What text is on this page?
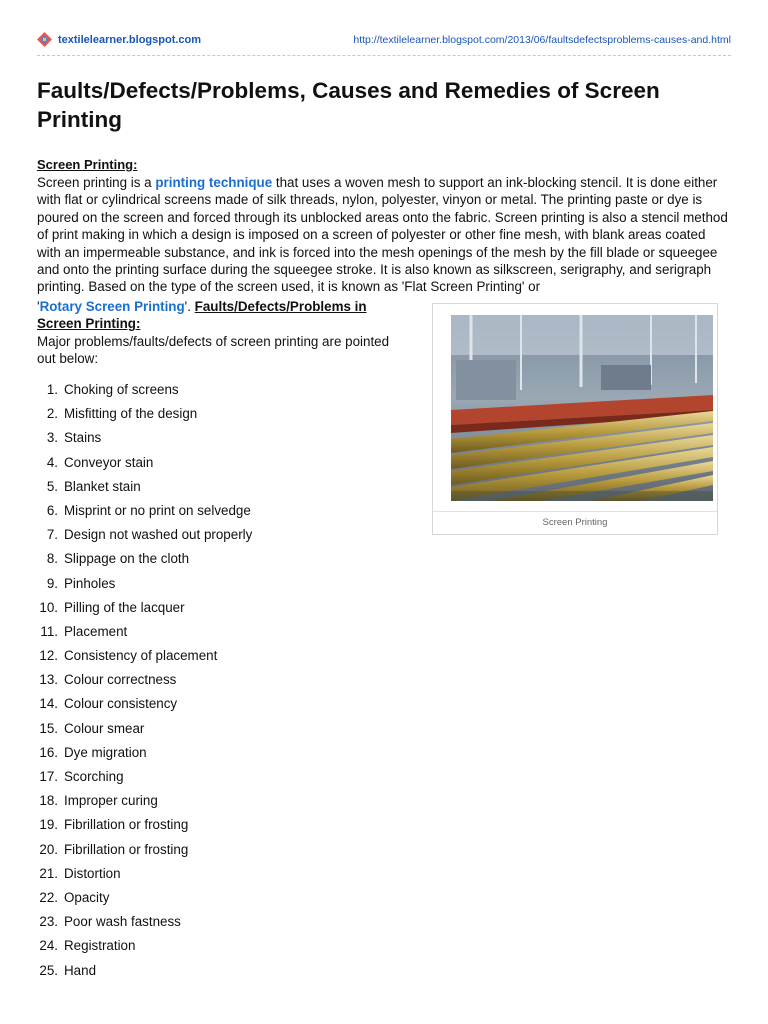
textilelearner.blogspot.com	http://textilelearner.blogspot.com/2013/06/faultsdefectsproblems-causes-and.html
Faults/Defects/Problems, Causes and Remedies of Screen Printing
Screen Printing:
Screen printing is a printing technique that uses a woven mesh to support an ink-blocking stencil. It is done either with flat or cylindrical screens made of silk threads, nylon, polyester, vinyon or metal. The printing paste or dye is poured on the screen and forced through its unblocked areas onto the fabric. Screen printing is also a stencil method of print making in which a design is imposed on a screen of polyester or other fine mesh, with blank areas coated with an impermeable substance, and ink is forced into the mesh openings of the mesh by the fill blade or squeegee and onto the printing surface during the squeegee stroke. It is also known as silkscreen, serigraphy, and serigraph printing. Based on the type of the screen used, it is known as 'Flat Screen Printing' or
'Rotary Screen Printing'. Faults/Defects/Problems in
Screen Printing:
Major problems/faults/defects of screen printing are pointed
out below:
Screen Printing
1. Choking of screens
2. Misfitting of the design
3. Stains
4. Conveyor stain
5. Blanket stain
6. Misprint or no print on selvedge
7. Design not washed out properly
8. Slippage on the cloth
9. Pinholes
10. Pilling of the lacquer
11. Placement
12. Consistency of placement
13. Colour correctness
14. Colour consistency
15. Colour smear
16. Dye migration
17. Scorching
18. Improper curing
19. Fibrillation or frosting
20. Fibrillation or frosting
21. Distortion
22. Opacity
23. Poor wash fastness
24. Registration
25. Hand
